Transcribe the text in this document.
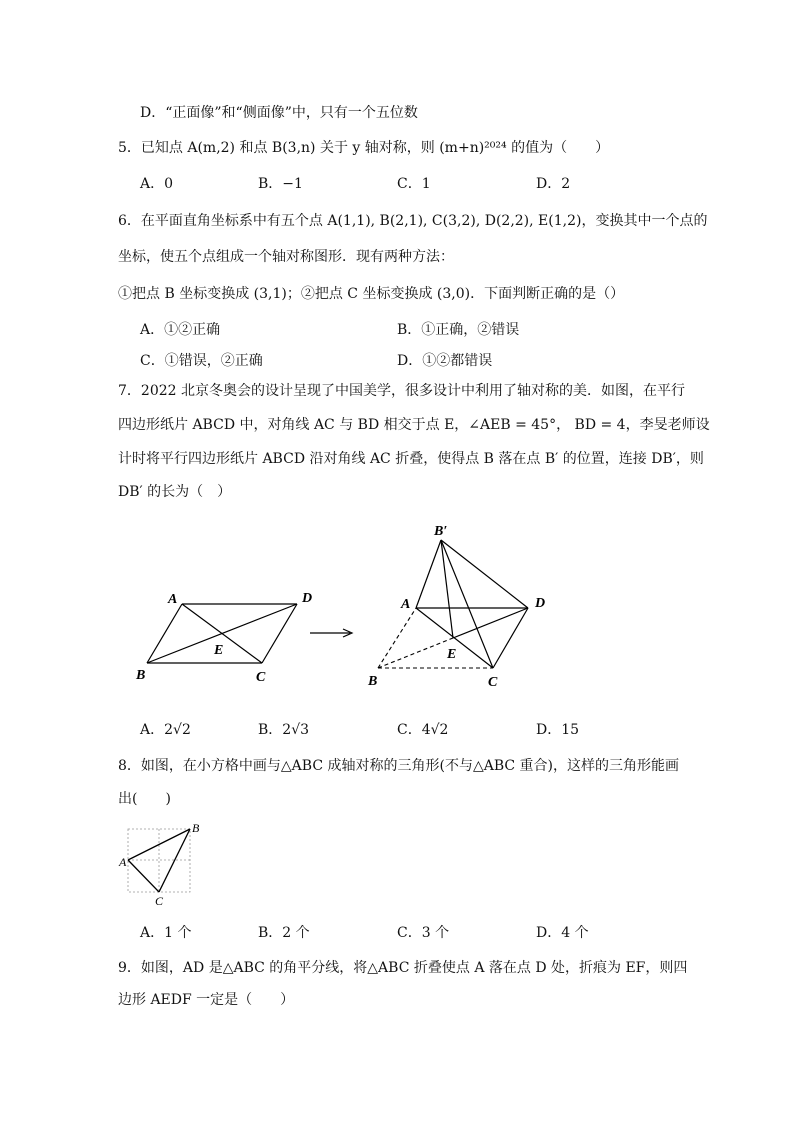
D．“正面像”和“侧面像”中，只有一个五位数
5．已知点 A(m,2) 和点 B(3,n) 关于 y 轴对称，则 (m+n)²⁰²⁴ 的值为（　　）
A．0	B．−1	C．1	D．2
6．在平面直角坐标系中有五个点 A(1,1), B(2,1), C(3,2), D(2,2), E(1,2)，变换其中一个点的
坐标，使五个点组成一个轴对称图形．现有两种方法：
①把点 B 坐标变换成 (3,1)；②把点 C 坐标变换成 (3,0)．下面判断正确的是（）
A．①②正确	B．①正确，②错误
C．①错误，②正确	D．①②都错误
7．2022 北京冬奥会的设计呈现了中国美学，很多设计中利用了轴对称的美．如图，在平行
四边形纸片 ABCD 中，对角线 AC 与 BD 相交于点 E，∠AEB = 45°， BD = 4，李旻老师设
计时将平行四边形纸片 ABCD 沿对角线 AC 折叠，使得点 B 落在点 B′ 的位置，连接 DB′，则
DB′ 的长为（　）
A	D
B	C
E
B′
A	D
E
B	C
B
A
C
A．2√2	B．2√3	C．4√2	D．15
8．如图，在小方格中画与△ABC 成轴对称的三角形(不与△ABC 重合)，这样的三角形能画
出(　　)
A．1 个	B．2 个	C．3 个	D．4 个
9．如图，AD 是△ABC 的角平分线，将△ABC 折叠使点 A 落在点 D 处，折痕为 EF，则四
边形 AEDF 一定是（　　）
